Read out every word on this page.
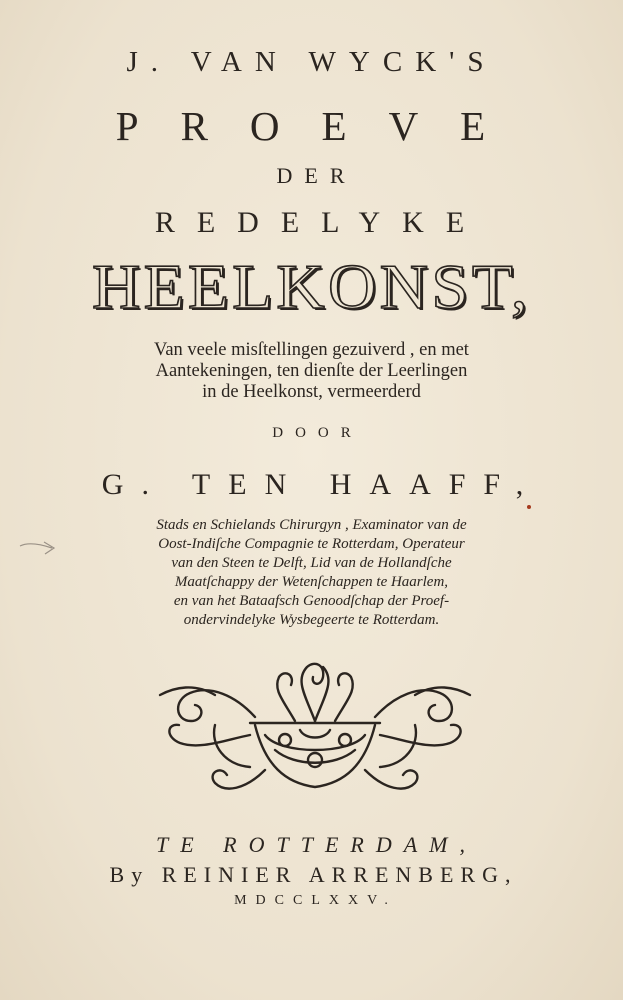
J. VAN WYCK'S
PROEVE
DER
REDELYKE
HEELKONST,
Van veele misſtellingen gezuiverd , en met
Aantekeningen, ten dienſte der Leerlingen
in de Heelkonst, vermeerderd
DOOR
G. TEN HAAFF,
Stads en Schielands Chirurgyn , Examinator van de
Oost-Indiſche Compagnie te Rotterdam, Operateur
van den Steen te Delft, Lid van de Hollandſche
Maatſchappy der Wetenſchappen te Haarlem,
en van het Bataafsch Genoodſchap der Proef-
ondervindelyke Wysbegeerte te Rotterdam.
TE ROTTERDAM,
By REINIER ARRENBERG,
MDCCLXXV.
